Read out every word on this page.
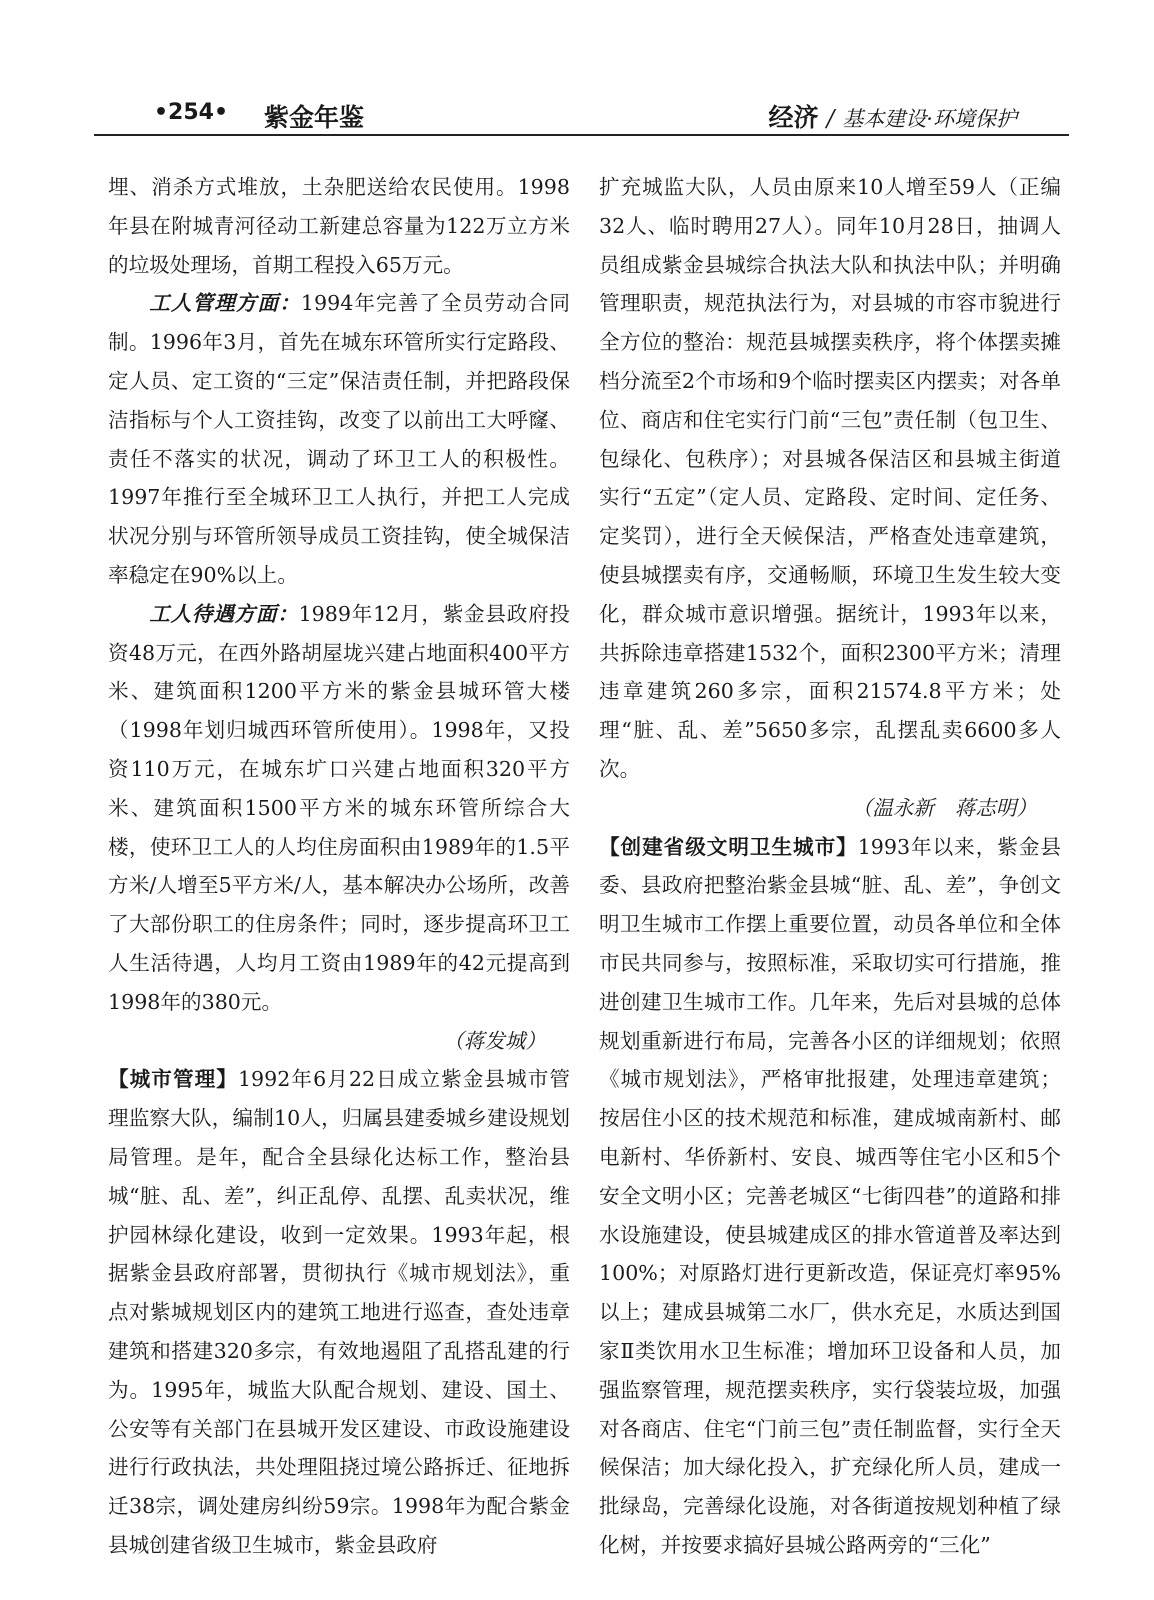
•254• 紫金年鉴	经济 / 基本建设·环境保护

埋、消杀方式堆放，土杂肥送给农民使用。1998年县在附城青河径动工新建总容量为122万立方米的垃圾处理场，首期工程投入65万元。

工人管理方面：1994年完善了全员劳动合同制。1996年3月，首先在城东环管所实行定路段、定人员、定工资的“三定”保洁责任制，并把路段保洁指标与个人工资挂钩，改变了以前出工大呼窿、责任不落实的状况，调动了环卫工人的积极性。1997年推行至全城环卫工人执行，并把工人完成状况分别与环管所领导成员工资挂钩，使全城保洁率稳定在90%以上。

工人待遇方面：1989年12月，紫金县政府投资48万元，在西外路胡屋垅兴建占地面积400平方米、建筑面积1200平方米的紫金县城环管大楼（1998年划归城西环管所使用）。1998年，又投资110万元，在城东圹口兴建占地面积320平方米、建筑面积1500平方米的城东环管所综合大楼，使环卫工人的人均住房面积由1989年的1.5平方米/人增至5平方米/人，基本解决办公场所，改善了大部份职工的住房条件；同时，逐步提高环卫工人生活待遇，人均月工资由1989年的42元提高到1998年的380元。

（蒋发城）

【城市管理】1992年6月22日成立紫金县城市管理监察大队，编制10人，归属县建委城乡建设规划局管理。是年，配合全县绿化达标工作，整治县城“脏、乱、差”，纠正乱停、乱摆、乱卖状况，维护园林绿化建设，收到一定效果。1993年起，根据紫金县政府部署，贯彻执行《城市规划法》，重点对紫城规划区内的建筑工地进行巡查，查处违章建筑和搭建320多宗，有效地遏阻了乱搭乱建的行为。1995年，城监大队配合规划、建设、国土、公安等有关部门在县城开发区建设、市政设施建设进行行政执法，共处理阻挠过境公路拆迁、征地拆迁38宗，调处建房纠纷59宗。1998年为配合紫金县城创建省级卫生城市，紫金县政府

扩充城监大队，人员由原来10人增至59人（正编32人、临时聘用27人）。同年10月28日，抽调人员组成紫金县城综合执法大队和执法中队；并明确管理职责，规范执法行为，对县城的市容市貌进行全方位的整治：规范县城摆卖秩序，将个体摆卖摊档分流至2个市场和9个临时摆卖区内摆卖；对各单位、商店和住宅实行门前“三包”责任制（包卫生、包绿化、包秩序）；对县城各保洁区和县城主街道实行“五定”（定人员、定路段、定时间、定任务、定奖罚），进行全天候保洁，严格查处违章建筑，使县城摆卖有序，交通畅顺，环境卫生发生较大变化，群众城市意识增强。据统计，1993年以来，共拆除违章搭建1532个，面积2300平方米；清理违章建筑260多宗，面积21574.8平方米；处理“脏、乱、差”5650多宗，乱摆乱卖6600多人次。

（温永新　蒋志明）

【创建省级文明卫生城市】1993年以来，紫金县委、县政府把整治紫金县城“脏、乱、差”，争创文明卫生城市工作摆上重要位置，动员各单位和全体市民共同参与，按照标准，采取切实可行措施，推进创建卫生城市工作。几年来，先后对县城的总体规划重新进行布局，完善各小区的详细规划；依照《城市规划法》，严格审批报建，处理违章建筑；按居住小区的技术规范和标准，建成城南新村、邮电新村、华侨新村、安良、城西等住宅小区和5个安全文明小区；完善老城区“七街四巷”的道路和排水设施建设，使县城建成区的排水管道普及率达到100%；对原路灯进行更新改造，保证亮灯率95%以上；建成县城第二水厂，供水充足，水质达到国家Ⅱ类饮用水卫生标准；增加环卫设备和人员，加强监察管理，规范摆卖秩序，实行袋装垃圾，加强对各商店、住宅“门前三包”责任制监督，实行全天候保洁；加大绿化投入，扩充绿化所人员，建成一批绿岛，完善绿化设施，对各街道按规划种植了绿化树，并按要求搞好县城公路两旁的“三化”
